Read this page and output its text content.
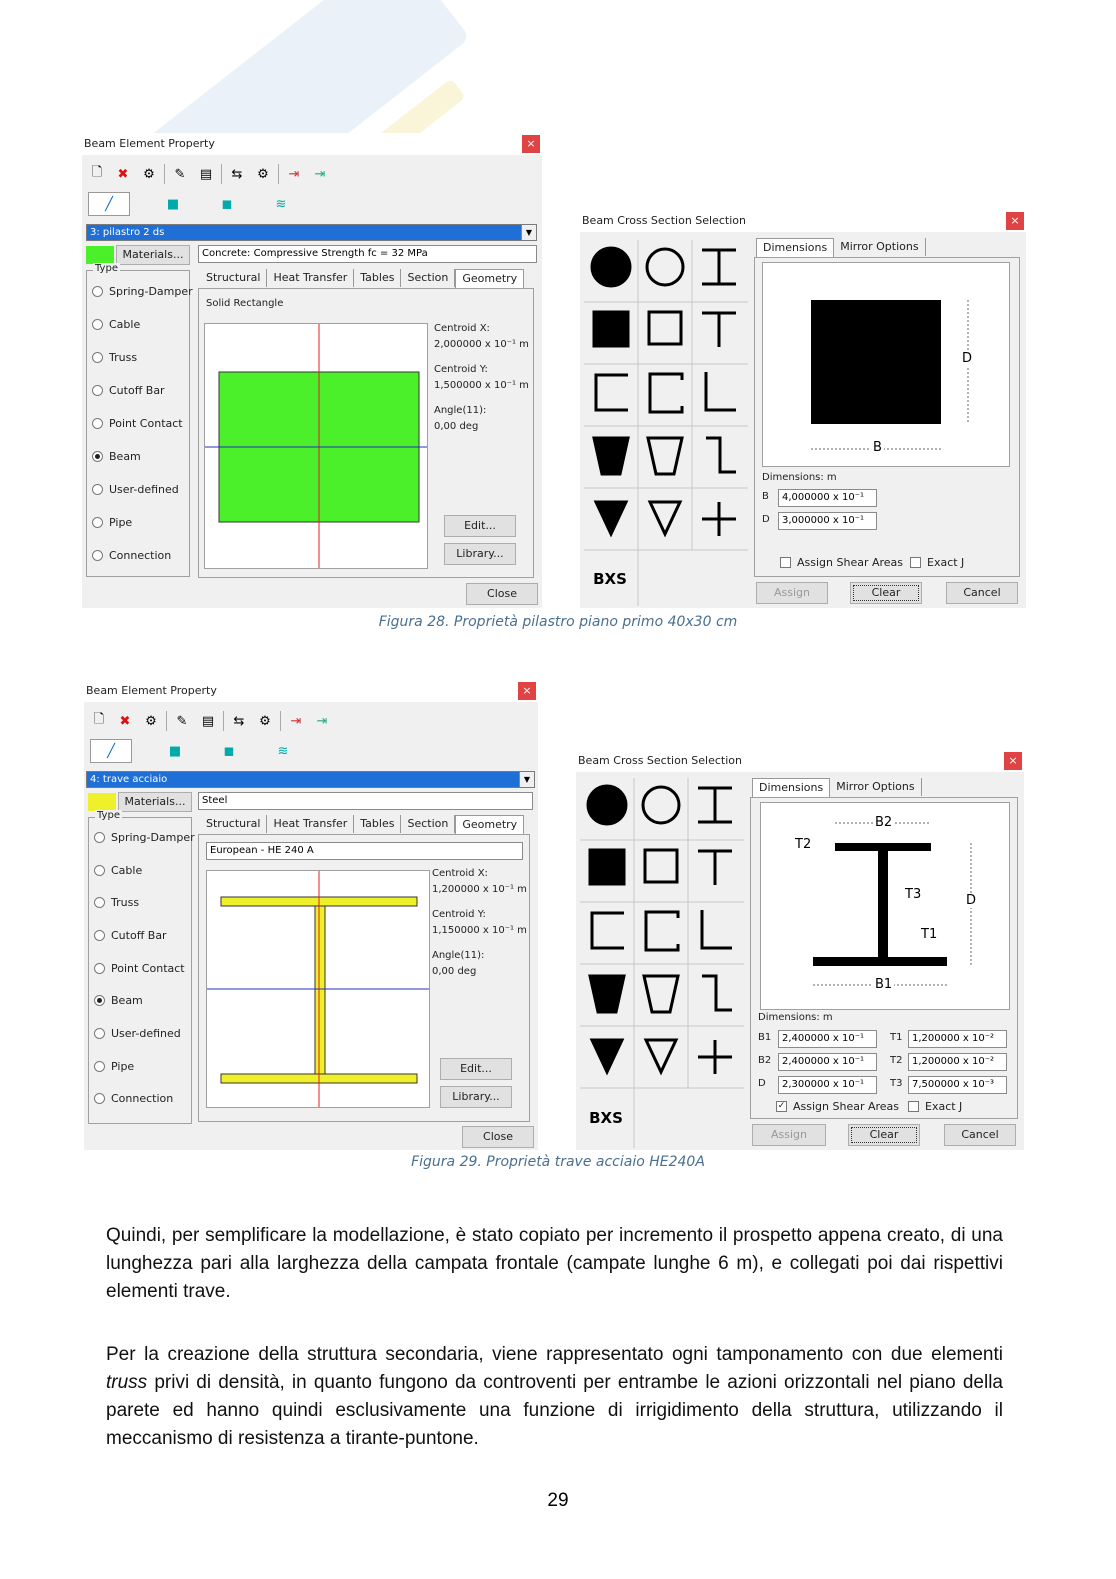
Beam Element Property	×
🗋	✖	⚙	✎	▤	⇆	⚙	⇥	⇥
╱	■	◼	≋
3: pilastro 2 ds	▼
Materials...	Concrete: Compressive Strength fc = 32 MPa
Type
Spring-Damper
Cable
Truss
Cutoff Bar
Point Contact
Beam
User-defined
Pipe
Connection
Structural	Heat Transfer	Tables	Section	Geometry
Solid Rectangle
Centroid X:
2,000000 x 10⁻¹ m
Centroid Y:
1,500000 x 10⁻¹ m
Angle(11):
0,00 deg
Edit...
Library...
Close
Beam Cross Section Selection	×
BXS
Dimensions	Mirror Options
D
B
Dimensions: m
B	4,000000 x 10⁻¹
D	3,000000 x 10⁻¹
Assign Shear Areas Exact J
Assign	Clear	Cancel
Figura 28. Proprietà pilastro piano primo 40x30 cm
Beam Element Property	×
🗋	✖	⚙	✎	▤	⇆	⚙	⇥	⇥
╱	■	◼	≋
4: trave acciaio	▼
Materials...	Steel
Type
Spring-Damper
Cable
Truss
Cutoff Bar
Point Contact
Beam
User-defined
Pipe
Connection
Structural	Heat Transfer	Tables	Section	Geometry
European - HE 240 A
Centroid X:
1,200000 x 10⁻¹ m
Centroid Y:
1,150000 x 10⁻¹ m
Angle(11):
0,00 deg
Edit...
Library...
Close
Beam Cross Section Selection	×
BXS
Dimensions	Mirror Options
B2
T2
T3
T1
D
B1
Dimensions: m
B1	2,400000 x 10⁻¹
B2	2,400000 x 10⁻¹
D	2,300000 x 10⁻¹
T1 1,200000 x 10⁻²
T2 1,200000 x 10⁻²
T3 7,500000 x 10⁻³
✓ Assign Shear Areas Exact J
Assign	Clear	Cancel
Figura 29. Proprietà trave acciaio HE240A
Quindi, per semplificare la modellazione, è stato copiato per incremento il prospetto appena creato, di una lunghezza pari alla larghezza della campata frontale (campate lunghe 6 m), e collegati poi dai rispettivi elementi trave.
Per la creazione della struttura secondaria, viene rappresentato ogni tamponamento con due elementi truss privi di densità, in quanto fungono da controventi per entrambe le azioni orizzontali nel piano della parete ed hanno quindi esclusivamente una funzione di irrigidimento della struttura, utilizzando il meccanismo di resistenza a tirante-puntone.
29
